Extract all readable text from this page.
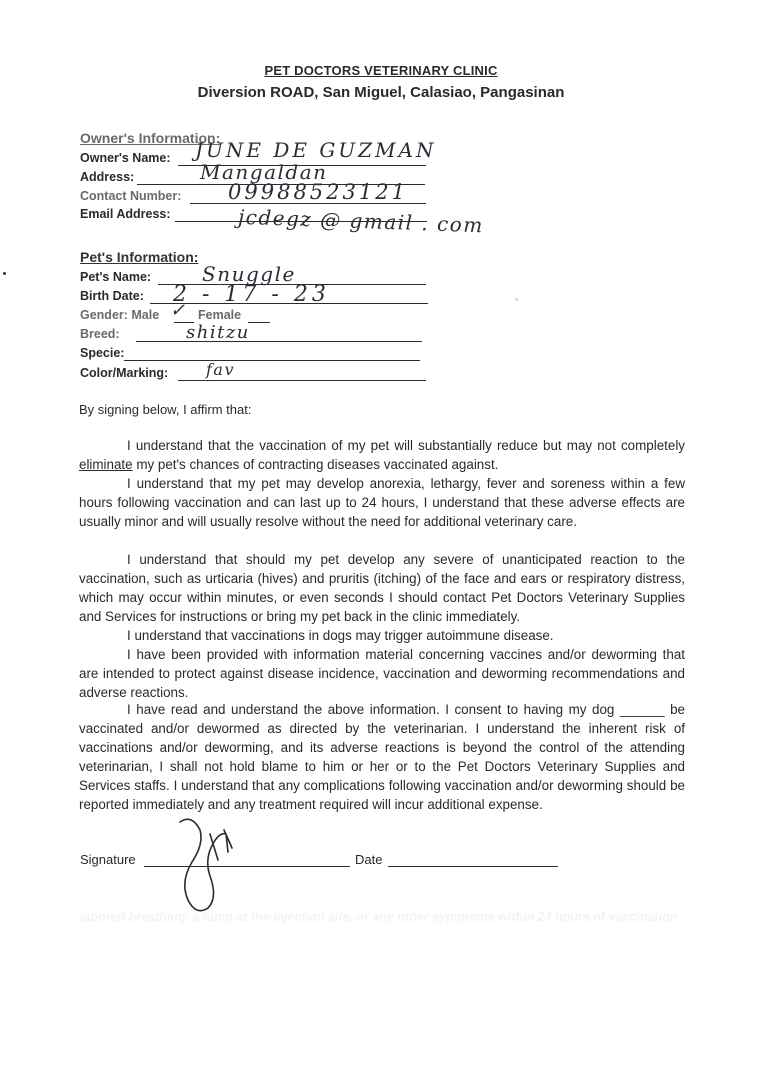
PET DOCTORS VETERINARY CLINIC
Diversion ROAD, San Miguel, Calasiao, Pangasinan
Owner's Information:
Owner's Name: JUNE DE GUZMAN
Address:	Mangaldan
Contact Number: 09988523121
Email Address:	jcdegz @ gmail . com
Pet's Information:
Pet's Name:	Snuggle
Birth Date: 2 - 17 - 23
Gender: Male ✓ Female
Breed:	shitzu
Specie:
Color/Marking: fav
By signing below, I affirm that:
I understand that the vaccination of my pet will substantially reduce but may not completely eliminate my pet's chances of contracting diseases vaccinated against.
I understand that my pet may develop anorexia, lethargy, fever and soreness within a few hours following vaccination and can last up to 24 hours, I understand that these adverse effects are usually minor and will usually resolve without the need for additional veterinary care.
I understand that should my pet develop any severe of unanticipated reaction to the vaccination, such as urticaria (hives) and pruritis (itching) of the face and ears or respiratory distress, which may occur within minutes, or even seconds I should contact Pet Doctors Veterinary Supplies and Services for instructions or bring my pet back in the clinic immediately.
I understand that vaccinations in dogs may trigger autoimmune disease.
I have been provided with information material concerning vaccines and/or deworming that are intended to protect against disease incidence, vaccination and deworming recommendations and adverse reactions.
I have read and understand the above information. I consent to having my dog ______ be vaccinated and/or dewormed as directed by the veterinarian. I understand the inherent risk of vaccinations and/or deworming, and its adverse reactions is beyond the control of the attending veterinarian, I shall not hold blame to him or her or to the Pet Doctors Veterinary Supplies and Services staffs. I understand that any complications following vaccination and/or deworming should be reported immediately and any treatment required will incur additional expense.
Signature	Date
labored breathing, a lump at the injection site, or any other symptoms within 24 hours of vaccination
